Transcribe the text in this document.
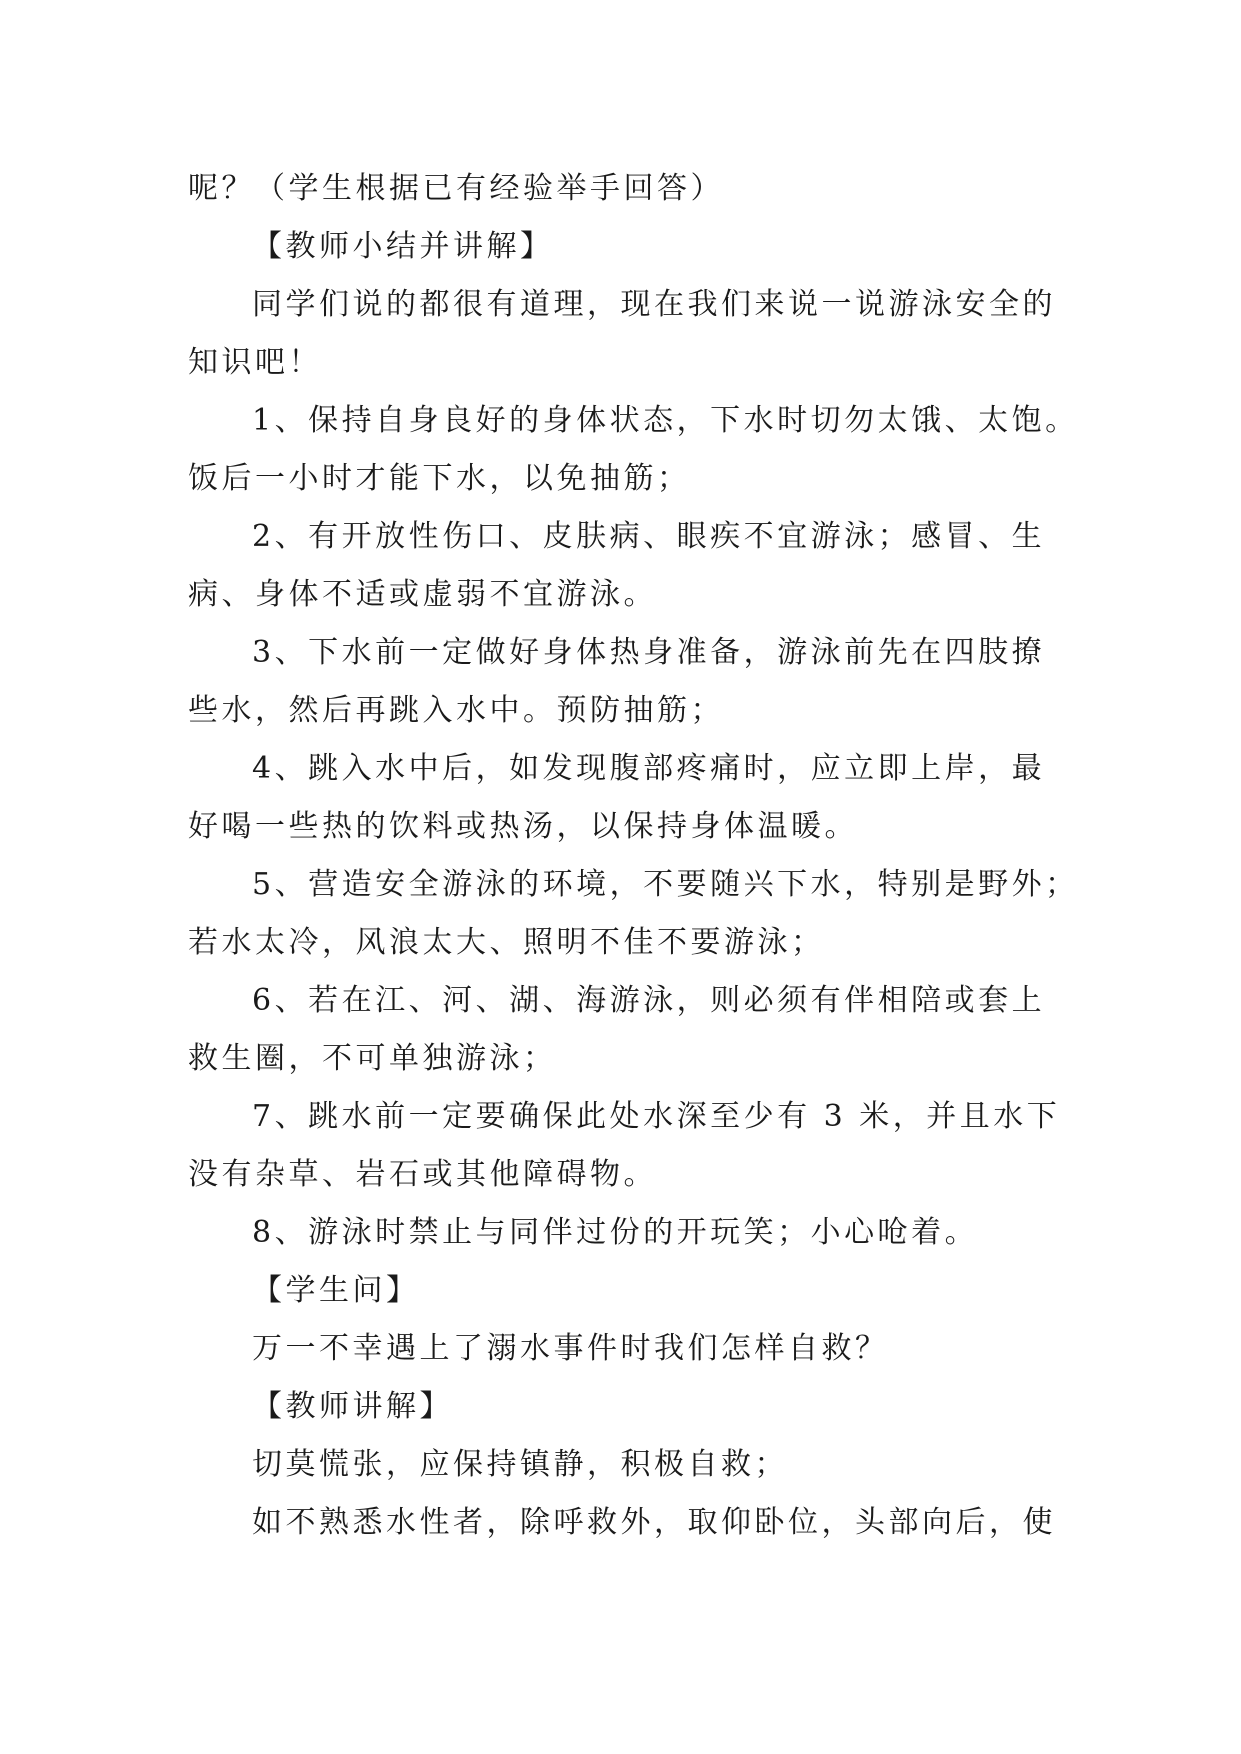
呢？（学生根据已有经验举手回答）
【教师小结并讲解】
同学们说的都很有道理，现在我们来说一说游泳安全的
知识吧！
1、保持自身良好的身体状态，下水时切勿太饿、太饱。
饭后一小时才能下水，以免抽筋；
2、有开放性伤口、皮肤病、眼疾不宜游泳；感冒、生
病、身体不适或虚弱不宜游泳。
3、下水前一定做好身体热身准备，游泳前先在四肢撩
些水，然后再跳入水中。预防抽筋；
4、跳入水中后，如发现腹部疼痛时，应立即上岸，最
好喝一些热的饮料或热汤，以保持身体温暖。
5、营造安全游泳的环境，不要随兴下水，特别是野外；
若水太冷，风浪太大、照明不佳不要游泳；
6、若在江、河、湖、海游泳，则必须有伴相陪或套上
救生圈，不可单独游泳；
7、跳水前一定要确保此处水深至少有 3 米，并且水下
没有杂草、岩石或其他障碍物。
8、游泳时禁止与同伴过份的开玩笑；小心呛着。
【学生问】
万一不幸遇上了溺水事件时我们怎样自救？
【教师讲解】
切莫慌张，应保持镇静，积极自救；
如不熟悉水性者，除呼救外，取仰卧位，头部向后，使
